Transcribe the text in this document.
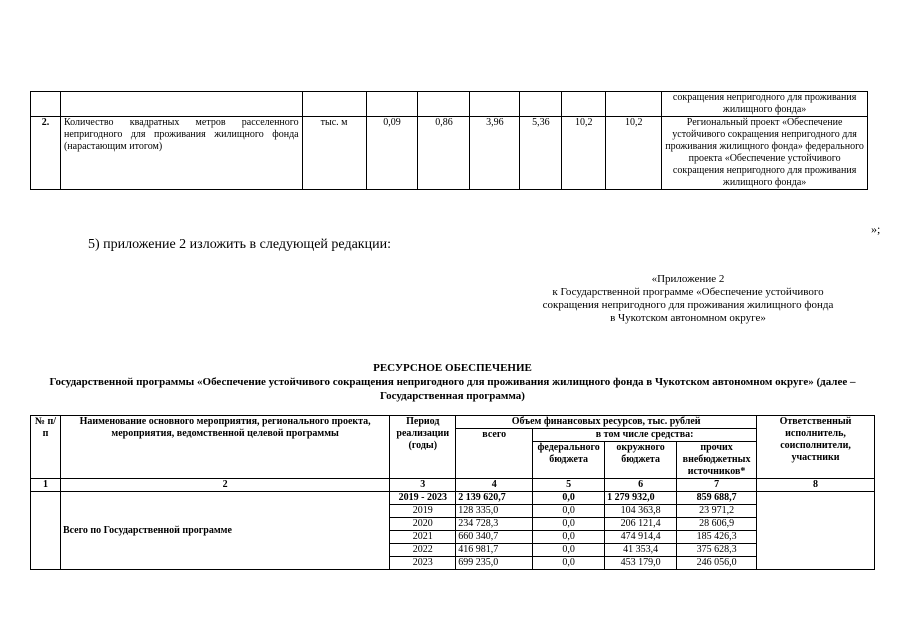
									сокращения непригодного для проживания жилищного фонда»
2.	Количество квадратных метров расселенного непригодного для проживания жилищного фонда (нарастающим итогом)	тыс. м	0,09	0,86	3,96	5,36	10,2	10,2	Региональный проект «Обеспечение устойчивого сокращения непригодного для проживания жилищного фонда» федерального проекта «Обеспечение устойчивого сокращения непригодного для проживания жилищного фонда»
»;
5) приложение 2 изложить в следующей редакции:
«Приложение 2
к Государственной программе «Обеспечение устойчивого
сокращения непригодного для проживания жилищного фонда
в Чукотском автономном округе»
РЕСУРСНОЕ ОБЕСПЕЧЕНИЕ
Государственной программы «Обеспечение устойчивого сокращения непригодного для проживания жилищного фонда в Чукотском автономном округе» (далее – Государственная программа)
№ п/п	Наименование основного мероприятия, регионального проекта, мероприятия, ведомственной целевой программы	Период реализации (годы)	Объем финансовых ресурсов, тыс. рублей				Ответственный исполнитель, соисполнители, участники
			всего	в том числе средства:			
				федерального бюджета	окружного бюджета	прочих внебюджетных источников*	
1	2	3	4	5	6	7	8
	Всего по Государственной программе	2019 - 2023	2 139 620,7	0,0	1 279 932,0	859 688,7	
		2019	128 335,0	0,0	104 363,8	23 971,2	
		2020	234 728,3	0,0	206 121,4	28 606,9	
		2021	660 340,7	0,0	474 914,4	185 426,3	
		2022	416 981,7	0,0	41 353,4	375 628,3	
		2023	699 235,0	0,0	453 179,0	246 056,0	
